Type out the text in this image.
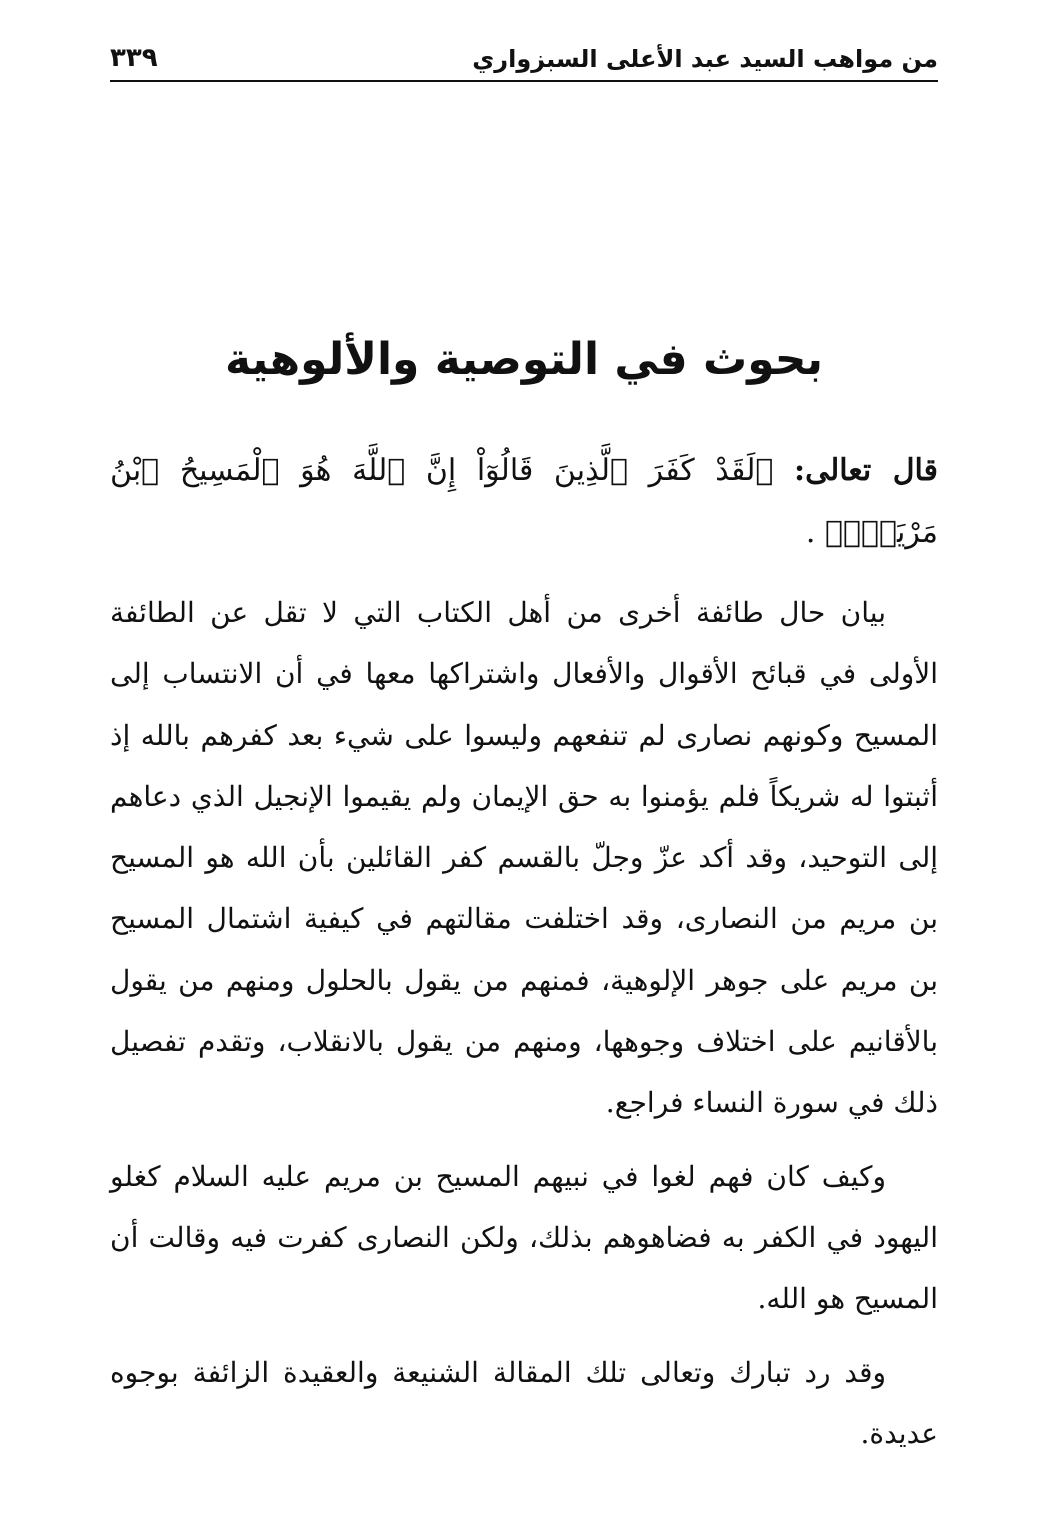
٣٣٩	من مواهب السيد عبد الأعلى السبزواري
بحوث في التوصية والألوهية

قال تعالى: ﴿لَقَدْ كَفَرَ ٱلَّذِينَ قَالُوٓاْ إِنَّ ٱللَّهَ هُوَ ٱلْمَسِيحُ ٱبْنُ مَرْيَمَۚ﴾ .

بيان حال طائفة أخرى من أهل الكتاب التي لا تقل عن الطائفة الأولى في قبائح الأقوال والأفعال واشتراكها معها في أن الانتساب إلى المسيح وكونهم نصارى لم تنفعهم وليسوا على شيء بعد كفرهم بالله إذ أثبتوا له شريكاً فلم يؤمنوا به حق الإيمان ولم يقيموا الإنجيل الذي دعاهم إلى التوحيد، وقد أكد عزّ وجلّ بالقسم كفر القائلين بأن الله هو المسيح بن مريم من النصارى، وقد اختلفت مقالتهم في كيفية اشتمال المسيح بن مريم على جوهر الإلوهية، فمنهم من يقول بالحلول ومنهم من يقول بالأقانيم على اختلاف وجوهها، ومنهم من يقول بالانقلاب، وتقدم تفصيل ذلك في سورة النساء فراجع.

وكيف كان فهم لغوا في نبيهم المسيح بن مريم عليه السلام كغلو اليهود في الكفر به فضاهوهم بذلك، ولكن النصارى كفرت فيه وقالت أن المسيح هو الله.

وقد رد تبارك وتعالى تلك المقالة الشنيعة والعقيدة الزائفة بوجوه عديدة.
